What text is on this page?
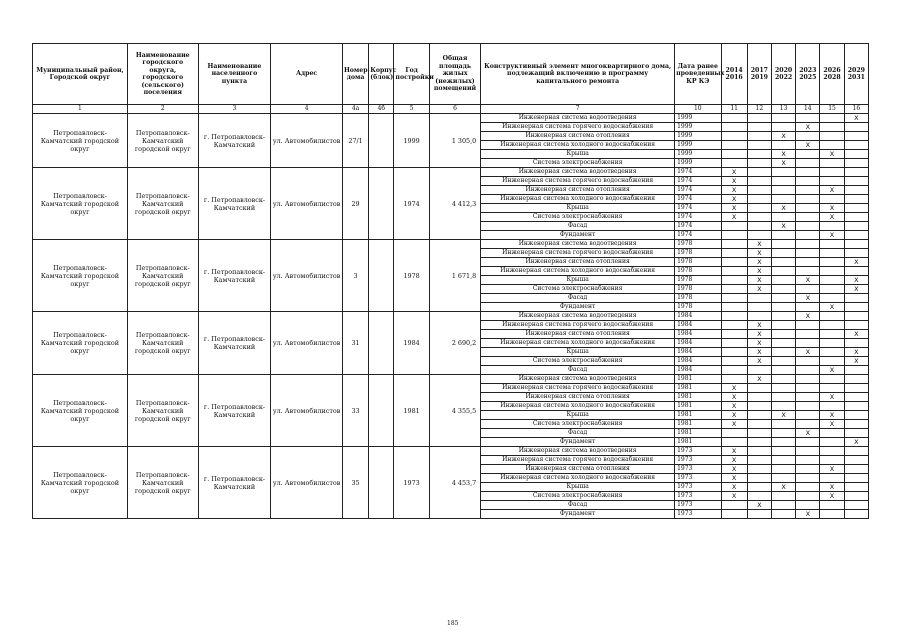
Муниципальный район, Городской округ	Наименование городского округа, городского (сельского) поселения	Наименование населенного пункта	Адрес	Номер дома	Корпус (блок)	Год постройки	Общая площадь жилых (нежилых) помещений	Конструктивный элемент многоквартирного дома, подлежащий включению в программу капитального ремонта	Дата ранее проведенных КР КЭ	2014 2016	2017 2019	2020 2022	2023 2025	2026 2028	2029 2031
1	2	3	4	4а	4б	5	6	7	10	11	12	13	14	15	16
Петропавловск-Камчатский городской округ	Петропавловск-Камчатский городской округ	г. Петропавловск-Камчатский	ул. Автомобилистов	27/1		1999	1 305,0	Инженерная система водоотведения	1999						X
								Инженерная система горячего водоснабжения	1999				X		
								Инженерная система отопления	1999			X			
								Инженерная система холодного водоснабжения	1999				X		
								Крыша	1999			X		X	
								Система электроснабжения	1999			X			
Петропавловск-Камчатский городской округ	Петропавловск-Камчатский городской округ	г. Петропавловск-Камчатский	ул. Автомобилистов	29		1974	4 412,3	Инженерная система водоотведения	1974	X					
								Инженерная система горячего водоснабжения	1974	X					
								Инженерная система отопления	1974	X				X	
								Инженерная система холодного водоснабжения	1974	X					
								Крыша	1974	X		X		X	
								Система электроснабжения	1974	X				X	
								Фасад	1974			X			
								Фундамент	1974					X	
Петропавловск-Камчатский городской округ	Петропавловск-Камчатский городской округ	г. Петропавловск-Камчатский	ул. Автомобилистов	3		1978	1 671,8	Инженерная система водоотведения	1978		X				
								Инженерная система горячего водоснабжения	1978		X				
								Инженерная система отопления	1978		X				X
								Инженерная система холодного водоснабжения	1978		X				
								Крыша	1978		X		X		X
								Система электроснабжения	1978		X				X
								Фасад	1978				X		
								Фундамент	1978					X	
Петропавловск-Камчатский городской округ	Петропавловск-Камчатский городской округ	г. Петропавловск-Камчатский	ул. Автомобилистов	31		1984	2 690,2	Инженерная система водоотведения	1984				X		
								Инженерная система горячего водоснабжения	1984		X				
								Инженерная система отопления	1984		X				X
								Инженерная система холодного водоснабжения	1984		X				
								Крыша	1984		X		X		X
								Система электроснабжения	1984		X				X
								Фасад	1984					X	
Петропавловск-Камчатский городской округ	Петропавловск-Камчатский городской округ	г. Петропавловск-Камчатский	ул. Автомобилистов	33		1981	4 355,5	Инженерная система водоотведения	1981		X				
								Инженерная система горячего водоснабжения	1981	X					
								Инженерная система отопления	1981	X				X	
								Инженерная система холодного водоснабжения	1981	X					
								Крыша	1981	X		X		X	
								Система электроснабжения	1981	X				X	
								Фасад	1981				X		
								Фундамент	1981						X
Петропавловск-Камчатский городской округ	Петропавловск-Камчатский городской округ	г. Петропавловск-Камчатский	ул. Автомобилистов	35		1973	4 453,7	Инженерная система водоотведения	1973	X					
								Инженерная система горячего водоснабжения	1973	X					
								Инженерная система отопления	1973	X				X	
								Инженерная система холодного водоснабжения	1973	X					
								Крыша	1973	X		X		X	
								Система электроснабжения	1973	X				X	
								Фасад	1973		X				
								Фундамент	1973				X		
185
